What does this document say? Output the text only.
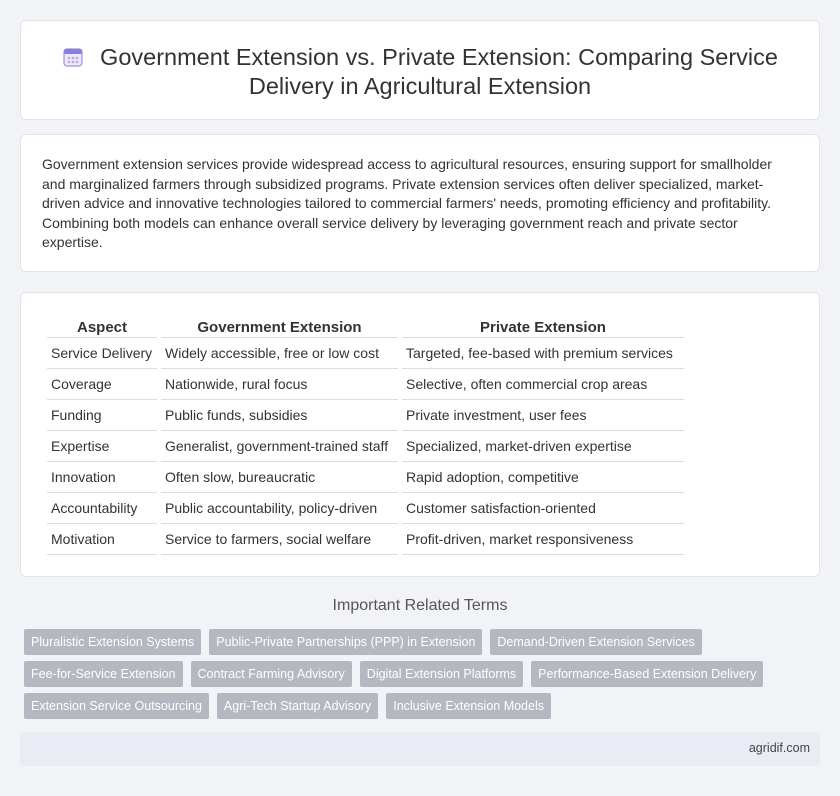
Government Extension vs. Private Extension: Comparing Service
Delivery in Agricultural Extension

Government extension services provide widespread access to agricultural resources, ensuring support for smallholder and marginalized farmers through subsidized programs. Private extension services often deliver specialized, market-driven advice and innovative technologies tailored to commercial farmers' needs, promoting efficiency and profitability. Combining both models can enhance overall service delivery by leveraging government reach and private sector expertise.

Aspect	Government Extension	Private Extension
Service Delivery	Widely accessible, free or low cost	Targeted, fee-based with premium services
Coverage	Nationwide, rural focus	Selective, often commercial crop areas
Funding	Public funds, subsidies	Private investment, user fees
Expertise	Generalist, government-trained staff	Specialized, market-driven expertise
Innovation	Often slow, bureaucratic	Rapid adoption, competitive
Accountability	Public accountability, policy-driven	Customer satisfaction-oriented
Motivation	Service to farmers, social welfare	Profit-driven, market responsiveness
Important Related Terms
Pluralistic Extension Systems	Public-Private Partnerships (PPP) in Extension	Demand-Driven Extension Services
Fee-for-Service Extension	Contract Farming Advisory	Digital Extension Platforms	Performance-Based Extension Delivery
Extension Service Outsourcing	Agri-Tech Startup Advisory	Inclusive Extension Models
agridif.com
